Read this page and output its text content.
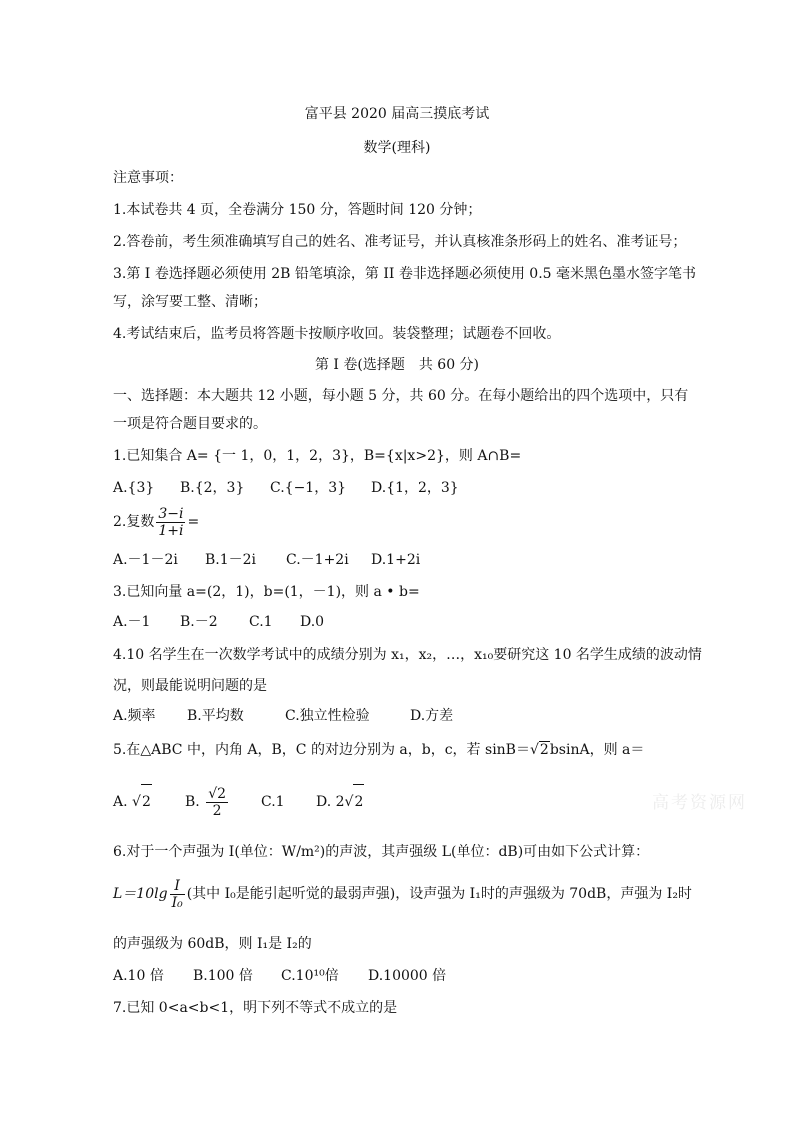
富平县 2020 届高三摸底考试
数学(理科)
注意事项：
1.本试卷共 4 页，全卷满分 150 分，答题时间 120 分钟；
2.答卷前，考生须准确填写自己的姓名、准考证号，并认真核准条形码上的姓名、准考证号；
3.第 I 卷选择题必须使用 2B 铅笔填涂，第 II 卷非选择题必须使用 0.5 毫米黑色墨水签字笔书
写，涂写要工整、清晰；
4.考试结束后，监考员将答题卡按顺序收回。装袋整理；试题卷不回收。
第 I 卷(选择题　共 60 分)
一、选择题：本大题共 12 小题，每小题 5 分，共 60 分。在每小题给出的四个选项中，只有
一项是符合题目要求的。
1.已知集合 A= {一 1，0，1，2，3}，B={x|x>2}，则 A∩B=
A.{3} B.{2，3} C.{−1，3} D.{1，2，3}
2.复数 $\frac{3-i}{1+i}$ =
A.－1－2i B.1－2i C.－1+2i D.1+2i
3.已知向量 a=(2，1)，b=(1，－1)，则 a • b=
A.－1 B.－2 C.1 D.0
4.10 名学生在一次数学考试中的成绩分别为 x₁，x₂，…，x₁₀要研究这 10 名学生成绩的波动情
况，则最能说明问题的是
A.频率 B.平均数	C.独立性检验	D.方差
5.在△ABC 中，内角 A，B，C 的对边分别为 a，b，c，若 sinB＝√2bsinA，则 a＝
A. √2 B. $\frac{√2}{2} C.1$ D. 2√2
6.对于一个声强为 I(单位：W/m²)的声波，其声强级 L(单位：dB)可由如下公式计算：
$L=10\lg \frac{I}{\text{I₀}}$ (其中 I₀是能引起听觉的最弱声强)，设声强为 I₁时的声强级为 70dB，声强为 I₂时
的声强级为 60dB，则 I₁是 I₂的
A.10 倍 B.100 倍 C.10¹⁰倍 D.10000 倍
7.已知 0<a<b<1，明下列不等式不成立的是
高考资源网
